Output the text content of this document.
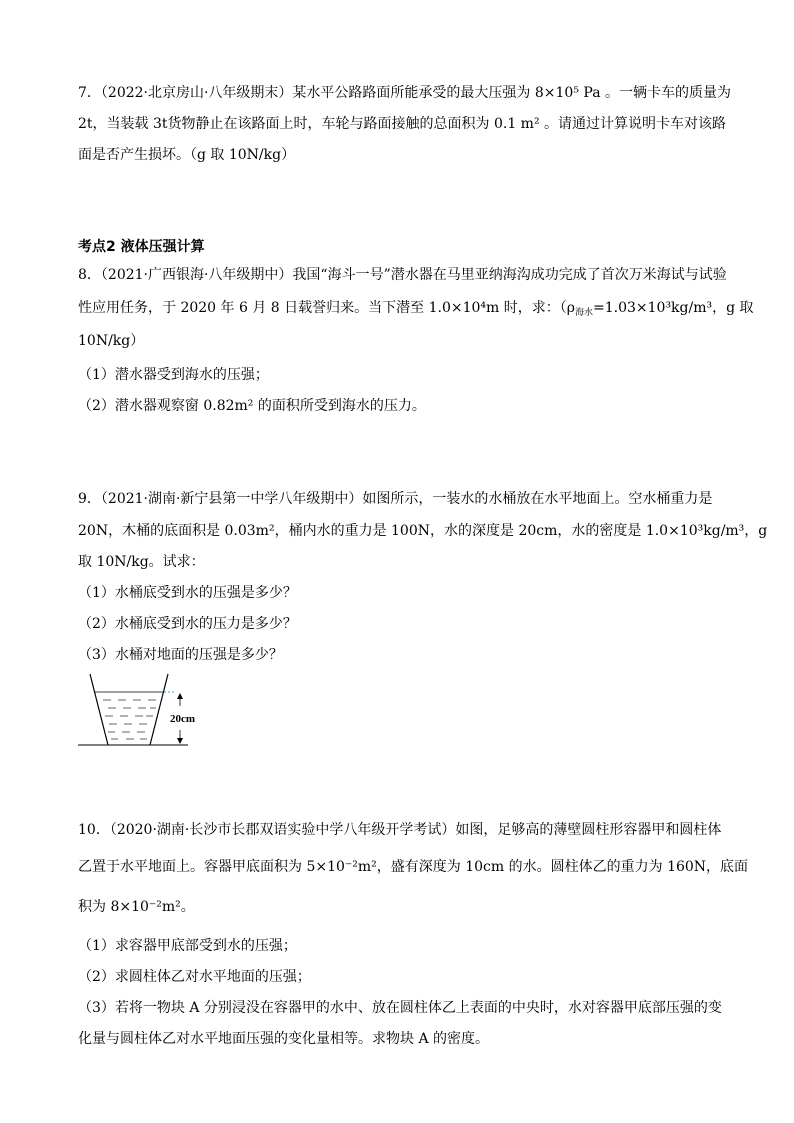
7．（2022·北京房山·八年级期末）某水平公路路面所能承受的最大压强为 8×10⁵ Pa 。一辆卡车的质量为
2t，当装载 3t货物静止在该路面上时，车轮与路面接触的总面积为 0.1 m² 。请通过计算说明卡车对该路
面是否产生损坏。（g 取 10N/kg）
考点2 液体压强计算
8．（2021·广西银海·八年级期中）我国“海斗一号”潜水器在马里亚纳海沟成功完成了首次万米海试与试验
性应用任务，于 2020 年 6 月 8 日载誉归来。当下潜至 1.0×10⁴m 时，求：（$\rho_{海水}=1.03\times 10^3kg/m^3$，g 取
10N/kg）
（1）潜水器受到海水的压强；
（2）潜水器观察窗 0.82m² 的面积所受到海水的压力。
9．（2021·湖南·新宁县第一中学八年级期中）如图所示，一装水的水桶放在水平地面上。空水桶重力是
20N，木桶的底面积是 0.03m²，桶内水的重力是 100N，水的深度是 20cm，水的密度是 1.0×10³kg/m³，g
取 10N/kg。试求：
（1）水桶底受到水的压强是多少？
（2）水桶底受到水的压力是多少？
（3）水桶对地面的压强是多少？
20cm
10．（2020·湖南·长沙市长郡双语实验中学八年级开学考试）如图，足够高的薄壁圆柱形容器甲和圆柱体
乙置于水平地面上。容器甲底面积为 5×10⁻²m²，盛有深度为 10cm 的水。圆柱体乙的重力为 160N，底面
积为 8×10⁻²m²。
（1）求容器甲底部受到水的压强；
（2）求圆柱体乙对水平地面的压强；
（3）若将一物块 A 分别浸没在容器甲的水中、放在圆柱体乙上表面的中央时，水对容器甲底部压强的变
化量与圆柱体乙对水平地面压强的变化量相等。求物块 A 的密度。
